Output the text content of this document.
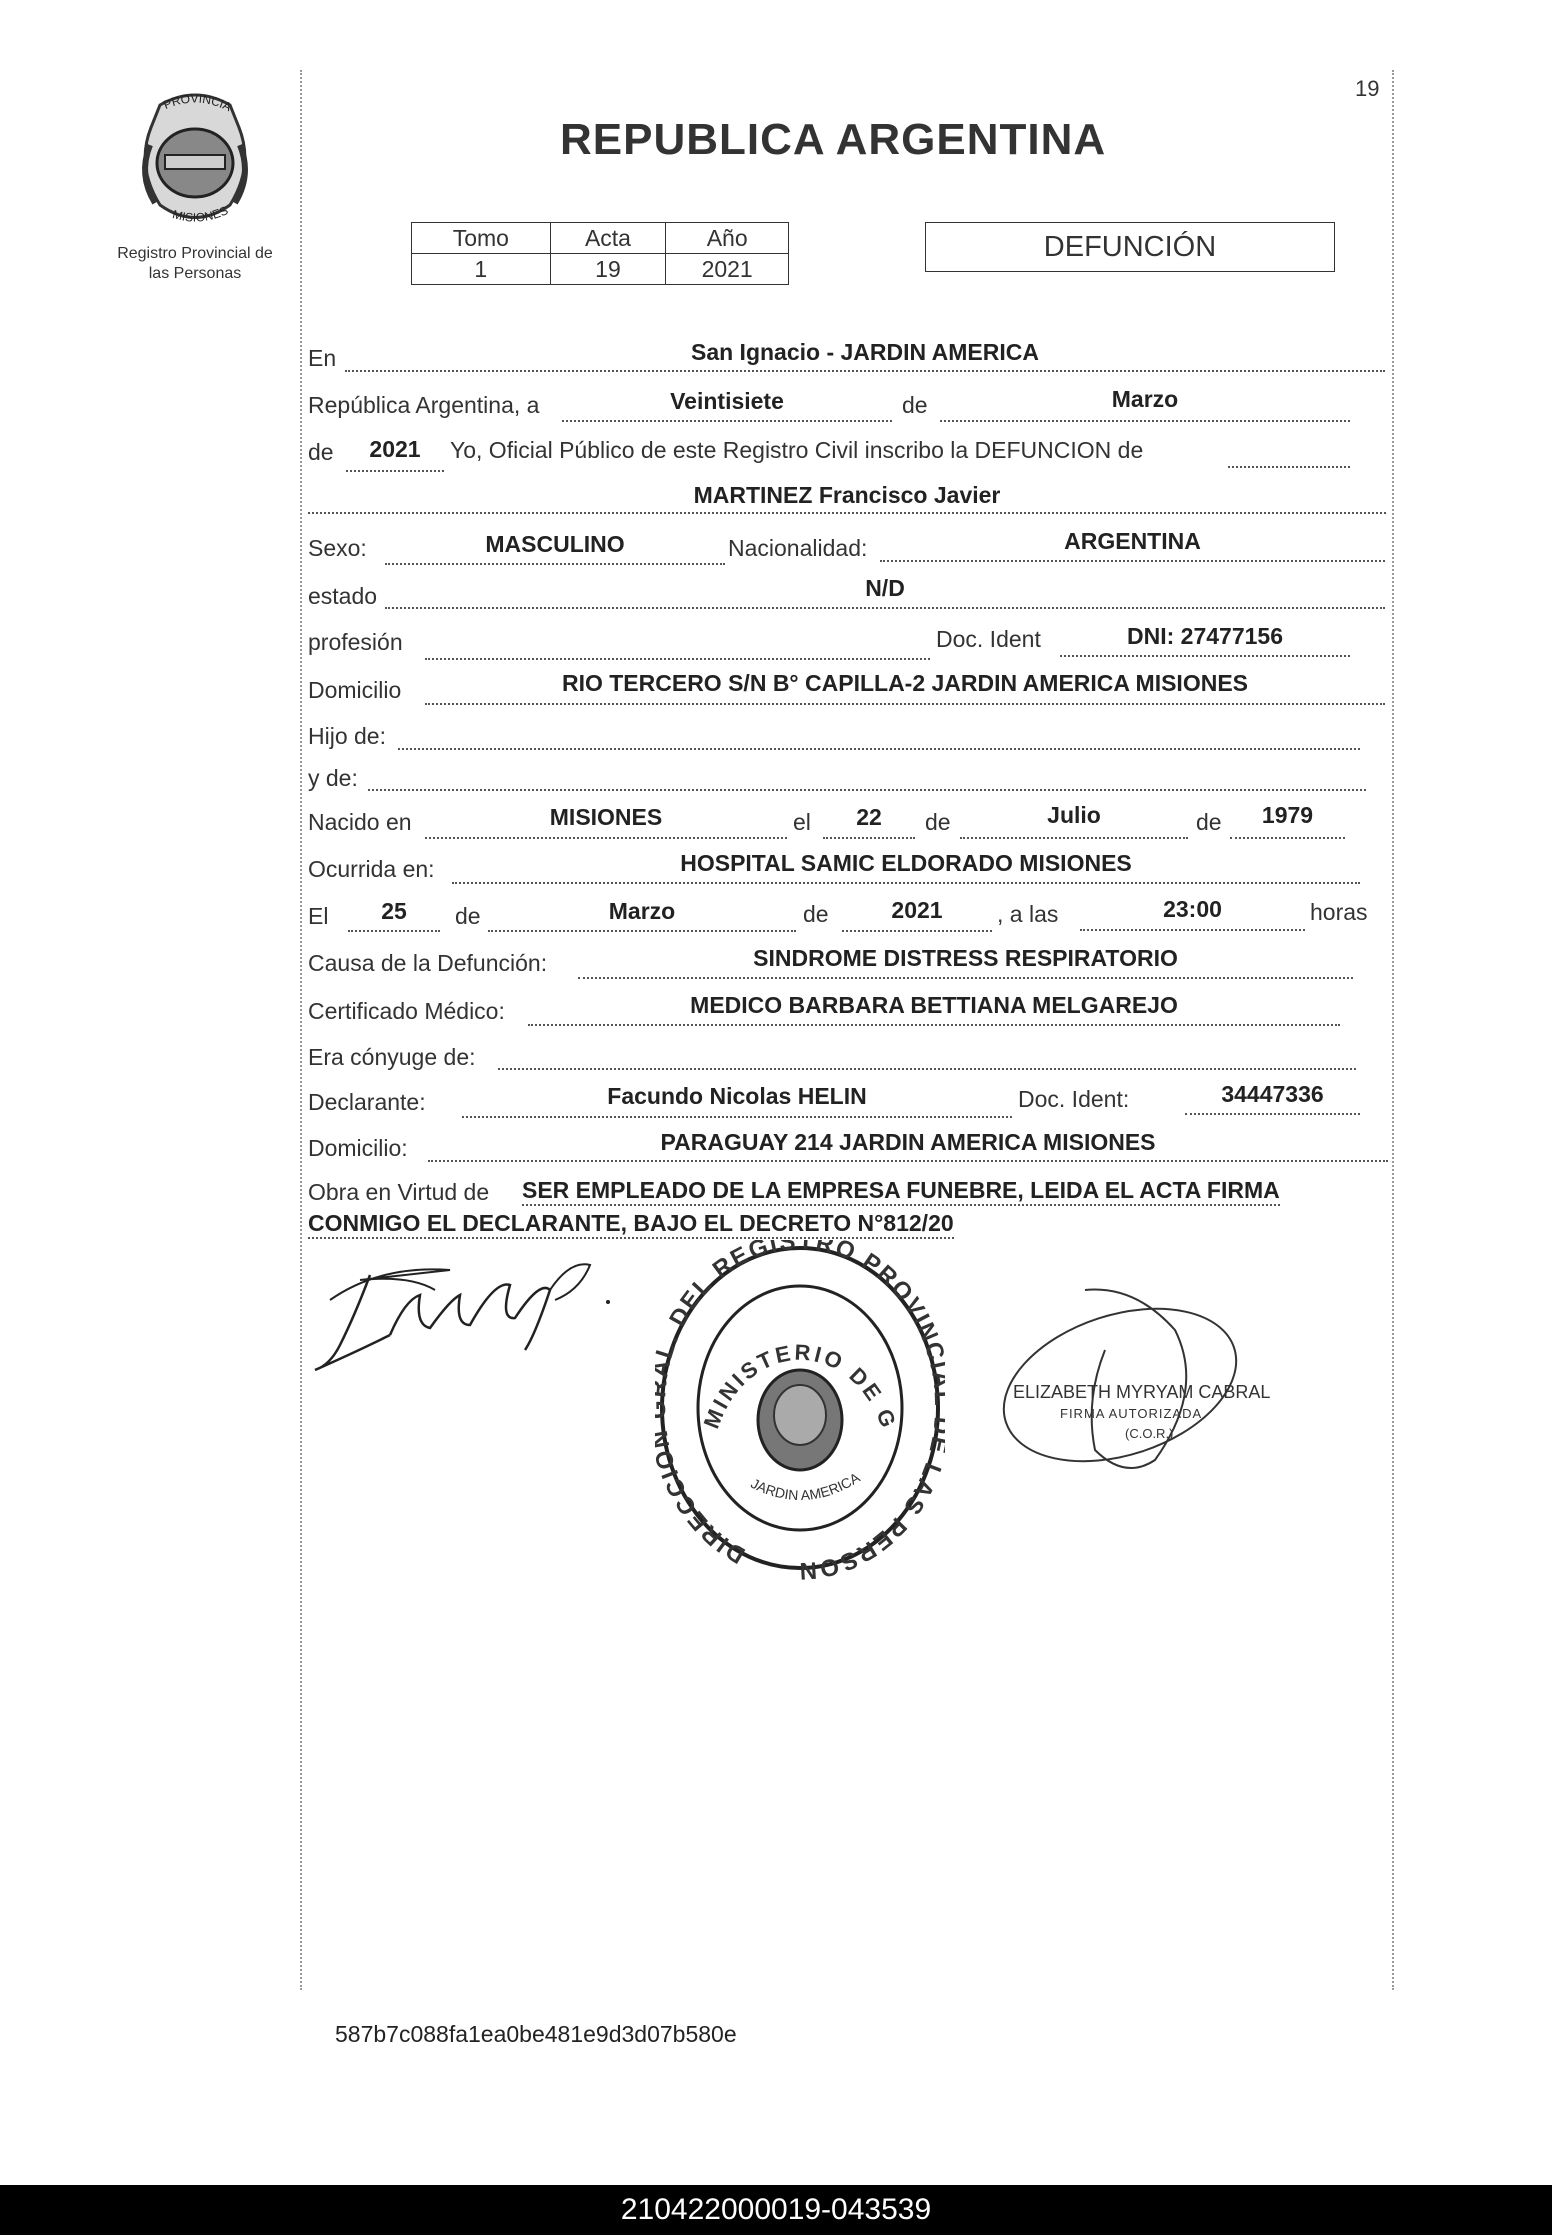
19
PROVINCIA
MISIONES
Registro Provincial de
las Personas
REPUBLICA ARGENTINA
Tomo	Acta	Año
1	19	2021
DEFUNCIÓN
En	San Ignacio - JARDIN AMERICA
República Argentina, a	Veintisiete	de	Marzo
de	2021	Yo, Oficial Público de este Registro Civil inscribo la DEFUNCION de
MARTINEZ Francisco Javier
Sexo:	MASCULINO	Nacionalidad:	ARGENTINA
estado	N/D
profesión	Doc. Ident	DNI: 27477156
Domicilio	RIO TERCERO S/N B° CAPILLA-2 JARDIN AMERICA MISIONES
Hijo de:
y de:
Nacido en	MISIONES	el	22	de	Julio	de	1979
Ocurrida en:	HOSPITAL SAMIC ELDORADO MISIONES
El	25	de	Marzo	de	2021	, a las	23:00	horas
Causa de la Defunción:	SINDROME DISTRESS RESPIRATORIO
Certificado Médico:	MEDICO BARBARA BETTIANA MELGAREJO
Era cónyuge de:
Declarante:	Facundo Nicolas HELIN	Doc. Ident:	34447336
Domicilio:	PARAGUAY 214 JARDIN AMERICA MISIONES
Obra en Virtud de SER EMPLEADO DE LA EMPRESA FUNEBRE, LEIDA EL ACTA FIRMA
CONMIGO EL DECLARANTE, BAJO EL DECRETO N°812/20
DIRECCI . DEL REGISTRO PROVIN LAS PERSON
MINISTERIO DE G
JARDIN AMERICA
ELIZABETH MYRYAM CABRAL
FIRMA AUTORIZADA
(C.O.R.)
587b7c088fa1ea0be481e9d3d07b580e
210422000019-043539
